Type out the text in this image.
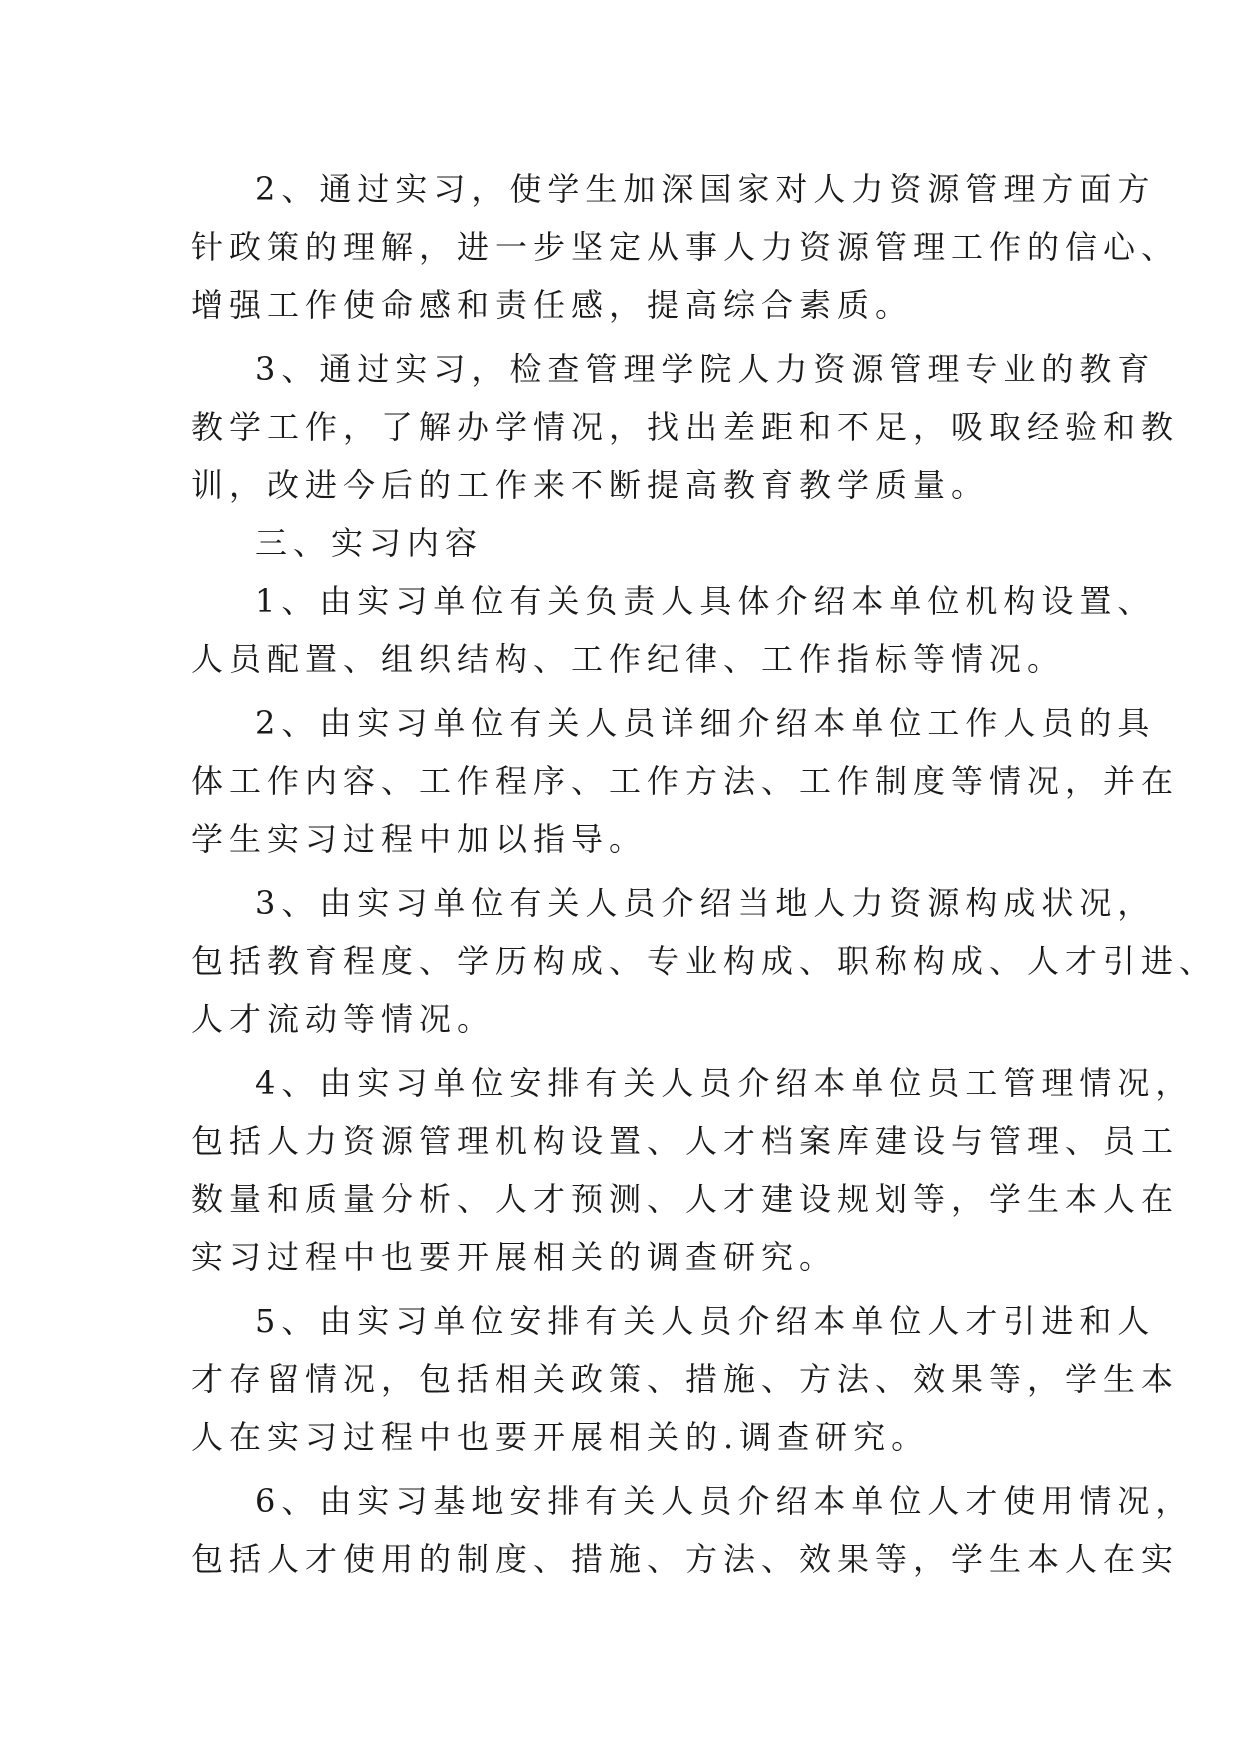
2、通过实习，使学生加深国家对人力资源管理方面方
针政策的理解，进一步坚定从事人力资源管理工作的信心、
增强工作使命感和责任感，提高综合素质。
3、通过实习，检查管理学院人力资源管理专业的教育
教学工作，了解办学情况，找出差距和不足，吸取经验和教
训，改进今后的工作来不断提高教育教学质量。
三、实习内容
1、由实习单位有关负责人具体介绍本单位机构设置、
人员配置、组织结构、工作纪律、工作指标等情况。
2、由实习单位有关人员详细介绍本单位工作人员的具
体工作内容、工作程序、工作方法、工作制度等情况，并在
学生实习过程中加以指导。
3、由实习单位有关人员介绍当地人力资源构成状况，
包括教育程度、学历构成、专业构成、职称构成、人才引进、
人才流动等情况。
4、由实习单位安排有关人员介绍本单位员工管理情况，
包括人力资源管理机构设置、人才档案库建设与管理、员工
数量和质量分析、人才预测、人才建设规划等，学生本人在
实习过程中也要开展相关的调查研究。
5、由实习单位安排有关人员介绍本单位人才引进和人
才存留情况，包括相关政策、措施、方法、效果等，学生本
人在实习过程中也要开展相关的.调查研究。
6、由实习基地安排有关人员介绍本单位人才使用情况，
包括人才使用的制度、措施、方法、效果等，学生本人在实
